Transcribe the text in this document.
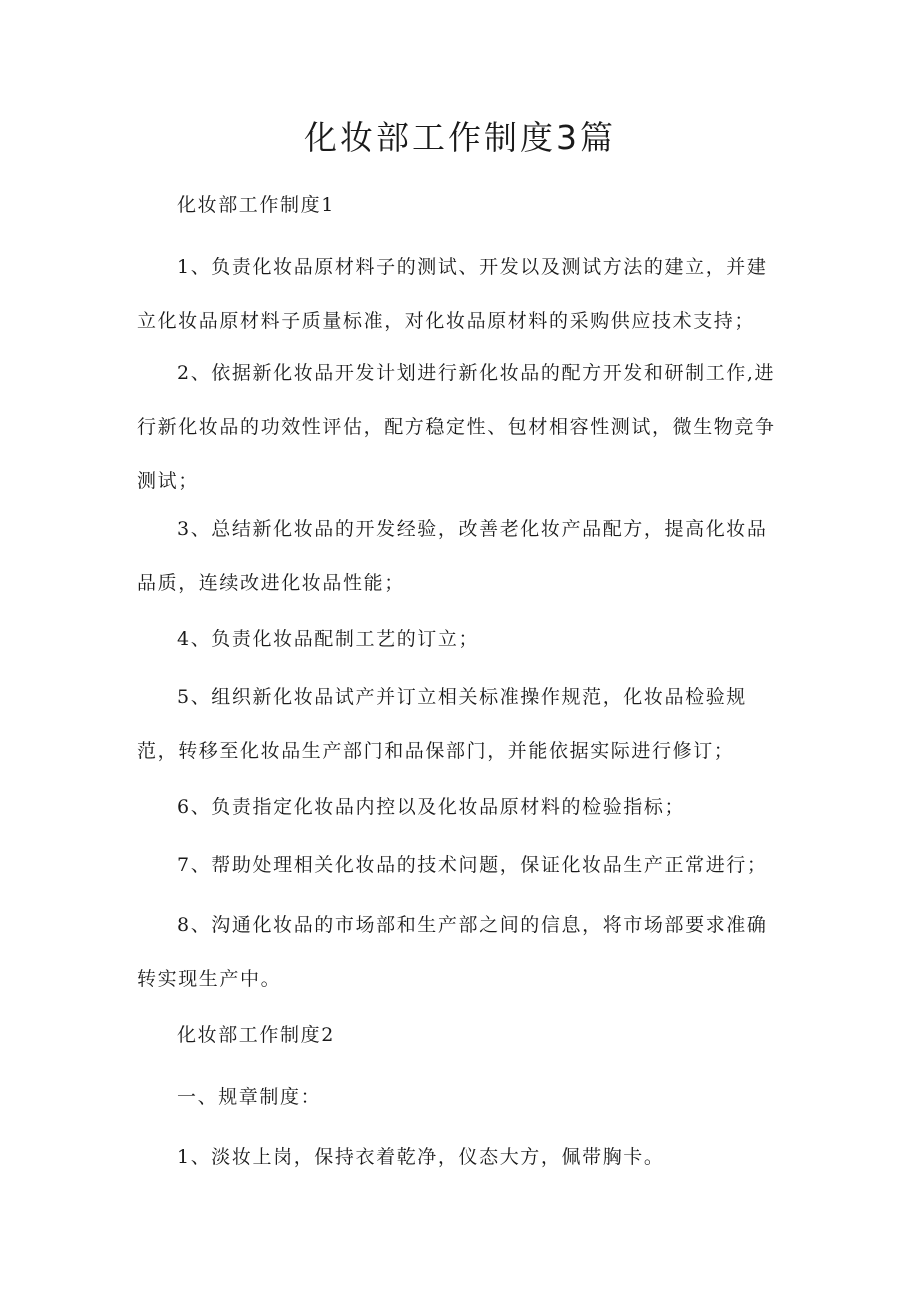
化妆部工作制度3篇

化妆部工作制度1

1、负责化妆品原材料子的测试、开发以及测试方法的建立，并建立化妆品原材料子质量标准，对化妆品原材料的采购供应技术支持；

2、依据新化妆品开发计划进行新化妆品的配方开发和研制工作,进行新化妆品的功效性评估，配方稳定性、包材相容性测试，微生物竞争测试；

3、总结新化妆品的开发经验，改善老化妆产品配方，提高化妆品品质，连续改进化妆品性能；

4、负责化妆品配制工艺的订立；

5、组织新化妆品试产并订立相关标准操作规范，化妆品检验规范，转移至化妆品生产部门和品保部门，并能依据实际进行修订；

6、负责指定化妆品内控以及化妆品原材料的检验指标；

7、帮助处理相关化妆品的技术问题，保证化妆品生产正常进行；

8、沟通化妆品的市场部和生产部之间的信息，将市场部要求准确转实现生产中。

化妆部工作制度2

一、规章制度：

1、淡妆上岗，保持衣着乾净，仪态大方，佩带胸卡。
